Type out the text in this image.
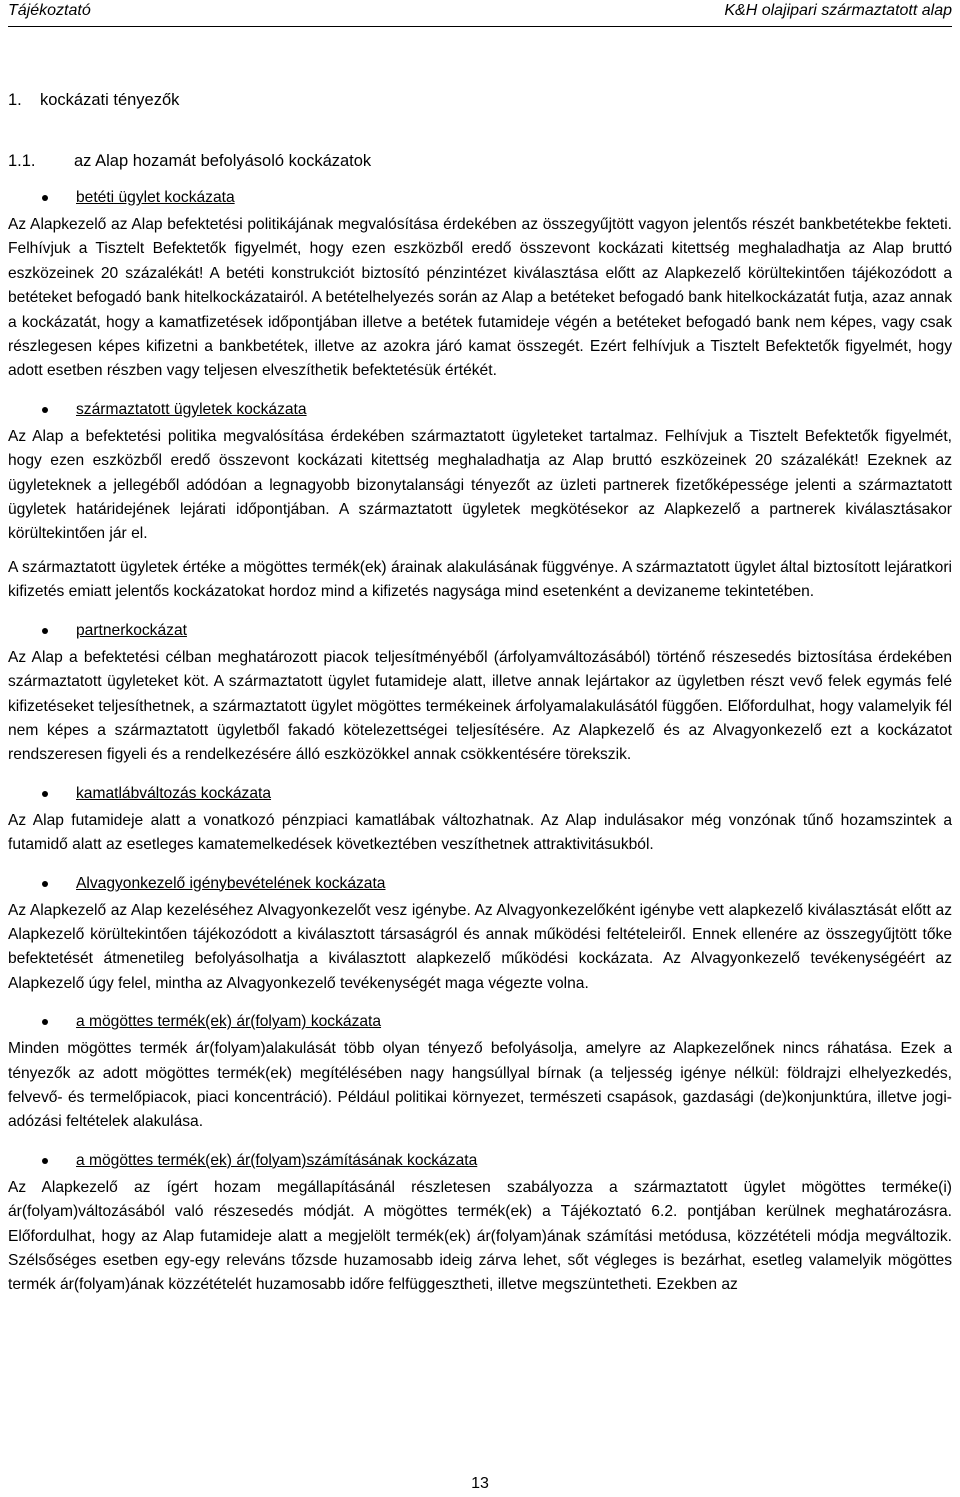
Tájékoztató	K&H olajipari származtatott alap
1. kockázati tényezők
1.1. az Alap hozamát befolyásoló kockázatok
betéti ügylet kockázata

Az Alapkezelő az Alap befektetési politikájának megvalósítása érdekében az összegyűjtött vagyon jelentős részét bankbetétekbe fekteti. Felhívjuk a Tisztelt Befektetők figyelmét, hogy ezen eszközből eredő összevont kockázati kitettség meghaladhatja az Alap bruttó eszközeinek 20 százalékát! A betéti konstrukciót biztosító pénzintézet kiválasztása előtt az Alapkezelő körültekintően tájékozódott a betéteket befogadó bank hitelkockázatairól. A betételhelyezés során az Alap a betéteket befogadó bank hitelkockázatát futja, azaz annak a kockázatát, hogy a kamatfizetések időpontjában illetve a betétek futamideje végén a betéteket befogadó bank nem képes, vagy csak részlegesen képes kifizetni a bankbetétek, illetve az azokra járó kamat összegét. Ezért felhívjuk a Tisztelt Befektetők figyelmét, hogy adott esetben részben vagy teljesen elveszíthetik befektetésük értékét.

származtatott ügyletek kockázata

Az Alap a befektetési politika megvalósítása érdekében származtatott ügyleteket tartalmaz. Felhívjuk a Tisztelt Befektetők figyelmét, hogy ezen eszközből eredő összevont kockázati kitettség meghaladhatja az Alap bruttó eszközeinek 20 százalékát! Ezeknek az ügyleteknek a jellegéből adódóan a legnagyobb bizonytalansági tényezőt az üzleti partnerek fizetőképessége jelenti a származtatott ügyletek határidejének lejárati időpontjában. A származtatott ügyletek megkötésekor az Alapkezelő a partnerek kiválasztásakor körültekintően jár el.

A származtatott ügyletek értéke a mögöttes termék(ek) árainak alakulásának függvénye. A származtatott ügylet által biztosított lejáratkori kifizetés emiatt jelentős kockázatokat hordoz mind a kifizetés nagysága mind esetenként a devizaneme tekintetében.

partnerkockázat

Az Alap a befektetési célban meghatározott piacok teljesítményéből (árfolyamváltozásából) történő részesedés biztosítása érdekében származtatott ügyleteket köt. A származtatott ügylet futamideje alatt, illetve annak lejártakor az ügyletben részt vevő felek egymás felé kifizetéseket teljesíthetnek, a származtatott ügylet mögöttes termékeinek árfolyamalakulásától függően. Előfordulhat, hogy valamelyik fél nem képes a származtatott ügyletből fakadó kötelezettségei teljesítésére. Az Alapkezelő és az Alvagyonkezelő ezt a kockázatot rendszeresen figyeli és a rendelkezésére álló eszközökkel annak csökkentésére törekszik.

kamatlábváltozás kockázata

Az Alap futamideje alatt a vonatkozó pénzpiaci kamatlábak változhatnak. Az Alap indulásakor még vonzónak tűnő hozamszintek a futamidő alatt az esetleges kamatemelkedések következtében veszíthetnek attraktivitásukból.

Alvagyonkezelő igénybevételének kockázata

Az Alapkezelő az Alap kezeléséhez Alvagyonkezelőt vesz igénybe. Az Alvagyonkezelőként igénybe vett alapkezelő kiválasztását előtt az Alapkezelő körültekintően tájékozódott a kiválasztott társaságról és annak működési feltételeiről. Ennek ellenére az összegyűjtött tőke befektetését átmenetileg befolyásolhatja a kiválasztott alapkezelő működési kockázata. Az Alvagyonkezelő tevékenységéért az Alapkezelő úgy felel, mintha az Alvagyonkezelő tevékenységét maga végezte volna.

a mögöttes termék(ek) ár(folyam) kockázata

Minden mögöttes termék ár(folyam)alakulását több olyan tényező befolyásolja, amelyre az Alapkezelőnek nincs ráhatása. Ezek a tényezők az adott mögöttes termék(ek) megítélésében nagy hangsúllyal bírnak (a teljesség igénye nélkül: földrajzi elhelyezkedés, felvevő- és termelőpiacok, piaci koncentráció). Például politikai környezet, természeti csapások, gazdasági (de)konjunktúra, illetve jogi-adózási feltételek alakulása.

a mögöttes termék(ek) ár(folyam)számításának kockázata

Az Alapkezelő az ígért hozam megállapításánál részletesen szabályozza a származtatott ügylet mögöttes terméke(i) ár(folyam)változásából való részesedés módját. A mögöttes termék(ek) a Tájékoztató 6.2. pontjában kerülnek meghatározásra. Előfordulhat, hogy az Alap futamideje alatt a megjelölt termék(ek) ár(folyam)ának számítási metódusa, közzétételi módja megváltozik. Szélsőséges esetben egy-egy releváns tőzsde huzamosabb ideig zárva lehet, sőt végleges is bezárhat, esetleg valamelyik mögöttes termék ár(folyam)ának közzétételét huzamosabb időre felfüggesztheti, illetve megszüntetheti. Ezekben az

13
